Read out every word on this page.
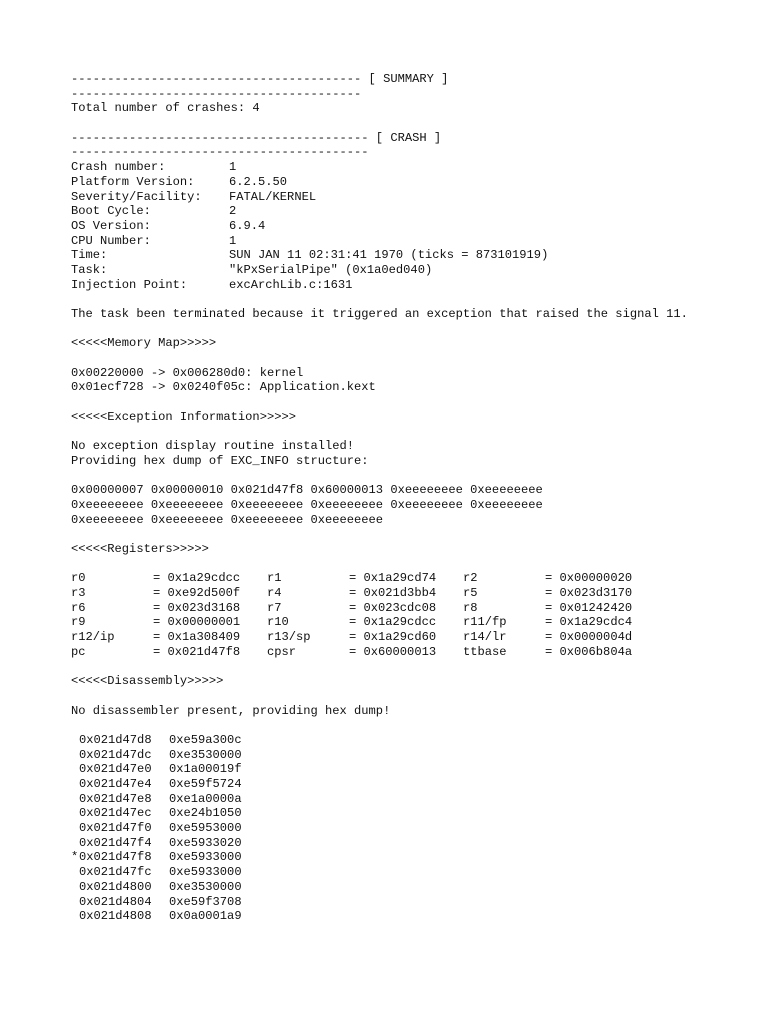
---------------------------------------- [ SUMMARY ]
----------------------------------------
Total number of crashes: 4
----------------------------------------- [ CRASH ]
-----------------------------------------
Crash number:	1
Platform Version:	6.2.5.50
Severity/Facility:	FATAL/KERNEL
Boot Cycle:	2
OS Version:	6.9.4
CPU Number:	1
Time:	SUN JAN 11 02:31:41 1970 (ticks = 873101919)
Task:	"kPxSerialPipe" (0x1a0ed040)
Injection Point:	excArchLib.c:1631
The task been terminated because it triggered an exception that raised the signal 11.
<<<<<Memory Map>>>>>
0x00220000 -> 0x006280d0: kernel
0x01ecf728 -> 0x0240f05c: Application.kext
<<<<<Exception Information>>>>>
No exception display routine installed!
Providing hex dump of EXC_INFO structure:
0x00000007 0x00000010 0x021d47f8 0x60000013 0xeeeeeeee 0xeeeeeeee
0xeeeeeeee 0xeeeeeeee 0xeeeeeeee 0xeeeeeeee 0xeeeeeeee 0xeeeeeeee
0xeeeeeeee 0xeeeeeeee 0xeeeeeeee 0xeeeeeeee
<<<<<Registers>>>>>
r0	= 0x1a29cdcc	r1	= 0x1a29cd74	r2	= 0x00000020
r3	= 0xe92d500f	r4	= 0x021d3bb4	r5	= 0x023d3170
r6	= 0x023d3168	r7	= 0x023cdc08	r8	= 0x01242420
r9	= 0x00000001	r10	= 0x1a29cdcc	r11/fp	= 0x1a29cdc4
r12/ip	= 0x1a308409	r13/sp	= 0x1a29cd60	r14/lr	= 0x0000004d
pc	= 0x021d47f8	cpsr	= 0x60000013	ttbase	= 0x006b804a
<<<<<Disassembly>>>>>
No disassembler present, providing hex dump!

0x021d47d8	0xe59a300c

0x021d47dc	0xe3530000

0x021d47e0	0x1a00019f

0x021d47e4	0xe59f5724

0x021d47e8	0xe1a0000a

0x021d47ec	0xe24b1050

0x021d47f0	0xe5953000

0x021d47f4	0xe5933020
* 0x021d47f8	0xe5933000

0x021d47fc	0xe5933000

0x021d4800	0xe3530000

0x021d4804	0xe59f3708

0x021d4808	0x0a0001a9
